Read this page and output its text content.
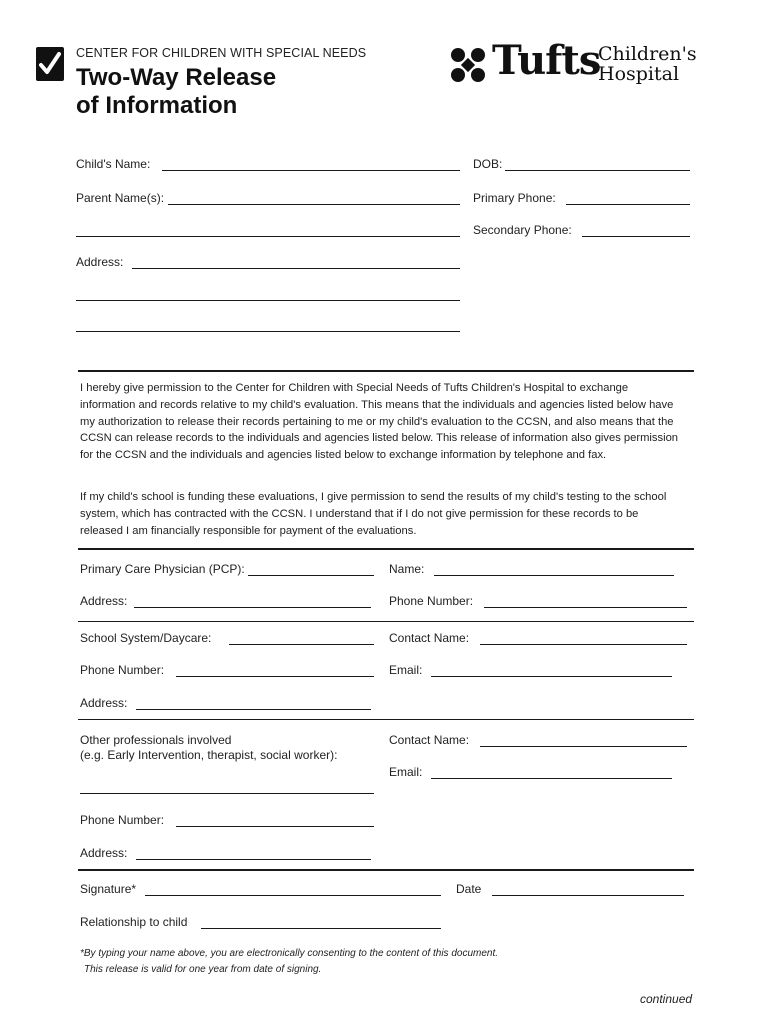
CENTER FOR CHILDREN WITH SPECIAL NEEDS
Two-Way Release
of Information
Tufts
Children's
Hospital
Child's Name:	DOB:
Parent Name(s):	Primary Phone:
Secondary Phone:
Address:
I hereby give permission to the Center for Children with Special Needs of Tufts Children's Hospital to exchange information and records relative to my child's evaluation. This means that the individuals and agencies listed below have my authorization to release their records pertaining to me or my child's evaluation to the CCSN, and also means that the CCSN can release records to the individuals and agencies listed below. This release of information also gives permission for the CCSN and the individuals and agencies listed below to exchange information by telephone and fax.
If my child's school is funding these evaluations, I give permission to send the results of my child's testing to the school system, which has contracted with the CCSN. I understand that if I do not give permission for these records to be released I am financially responsible for payment of the evaluations.
Primary Care Physician (PCP):	Name:
Address:	Phone Number:
School System/Daycare:	Contact Name:
Phone Number:	Email:
Address:
Other professionals involved
(e.g. Early Intervention, therapist, social worker):
Contact Name:
Email:
Phone Number:
Address:
Signature*	Date
Relationship to child
*By typing your name above, you are electronically consenting to the content of this document.
This release is valid for one year from date of signing.
continued
